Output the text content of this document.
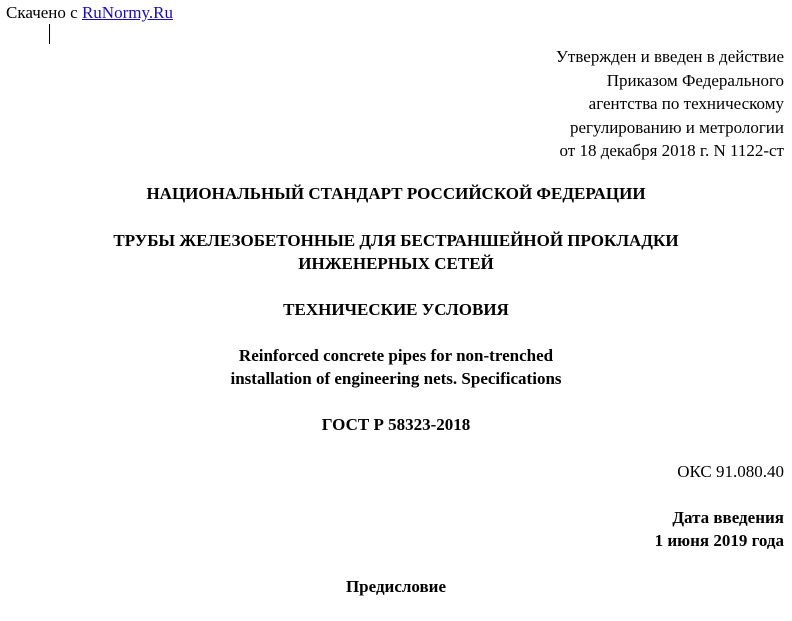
Скачено с RuNormy.Ru
Утвержден и введен в действие
Приказом Федерального
агентства по техническому
регулированию и метрологии
от 18 декабря 2018 г. N 1122-ст
НАЦИОНАЛЬНЫЙ СТАНДАРТ РОССИЙСКОЙ ФЕДЕРАЦИИ
ТРУБЫ ЖЕЛЕЗОБЕТОННЫЕ ДЛЯ БЕСТРАНШЕЙНОЙ ПРОКЛАДКИ
ИНЖЕНЕРНЫХ СЕТЕЙ
ТЕХНИЧЕСКИЕ УСЛОВИЯ
Reinforced concrete pipes for non-trenched
installation of engineering nets. Specifications
ГОСТ Р 58323-2018
ОКС 91.080.40
Дата введения
1 июня 2019 года
Предисловие
